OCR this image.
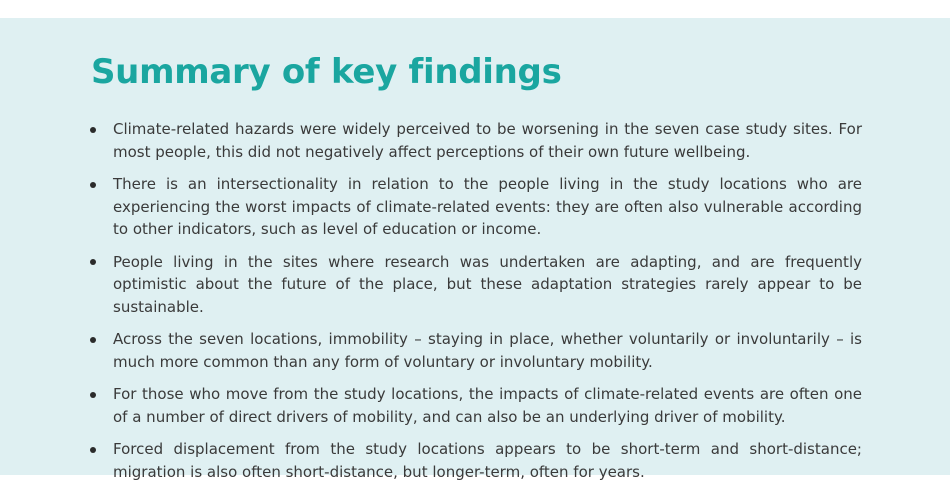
Summary of key findings
Climate-related hazards were widely perceived to be worsening in the seven case study sites. For most people, this did not negatively affect perceptions of their own future wellbeing.
There is an intersectionality in relation to the people living in the study locations who are experiencing the worst impacts of climate-related events: they are often also vulnerable according to other indicators, such as level of education or income.
People living in the sites where research was undertaken are adapting, and are frequently optimistic about the future of the place, but these adaptation strategies rarely appear to be sustainable.
Across the seven locations, immobility – staying in place, whether voluntarily or involuntarily – is much more common than any form of voluntary or involuntary mobility.
For those who move from the study locations, the impacts of climate-related events are often one of a number of direct drivers of mobility, and can also be an underlying driver of mobility.
Forced displacement from the study locations appears to be short-term and short-distance; migration is also often short-distance, but longer-term, often for years.
